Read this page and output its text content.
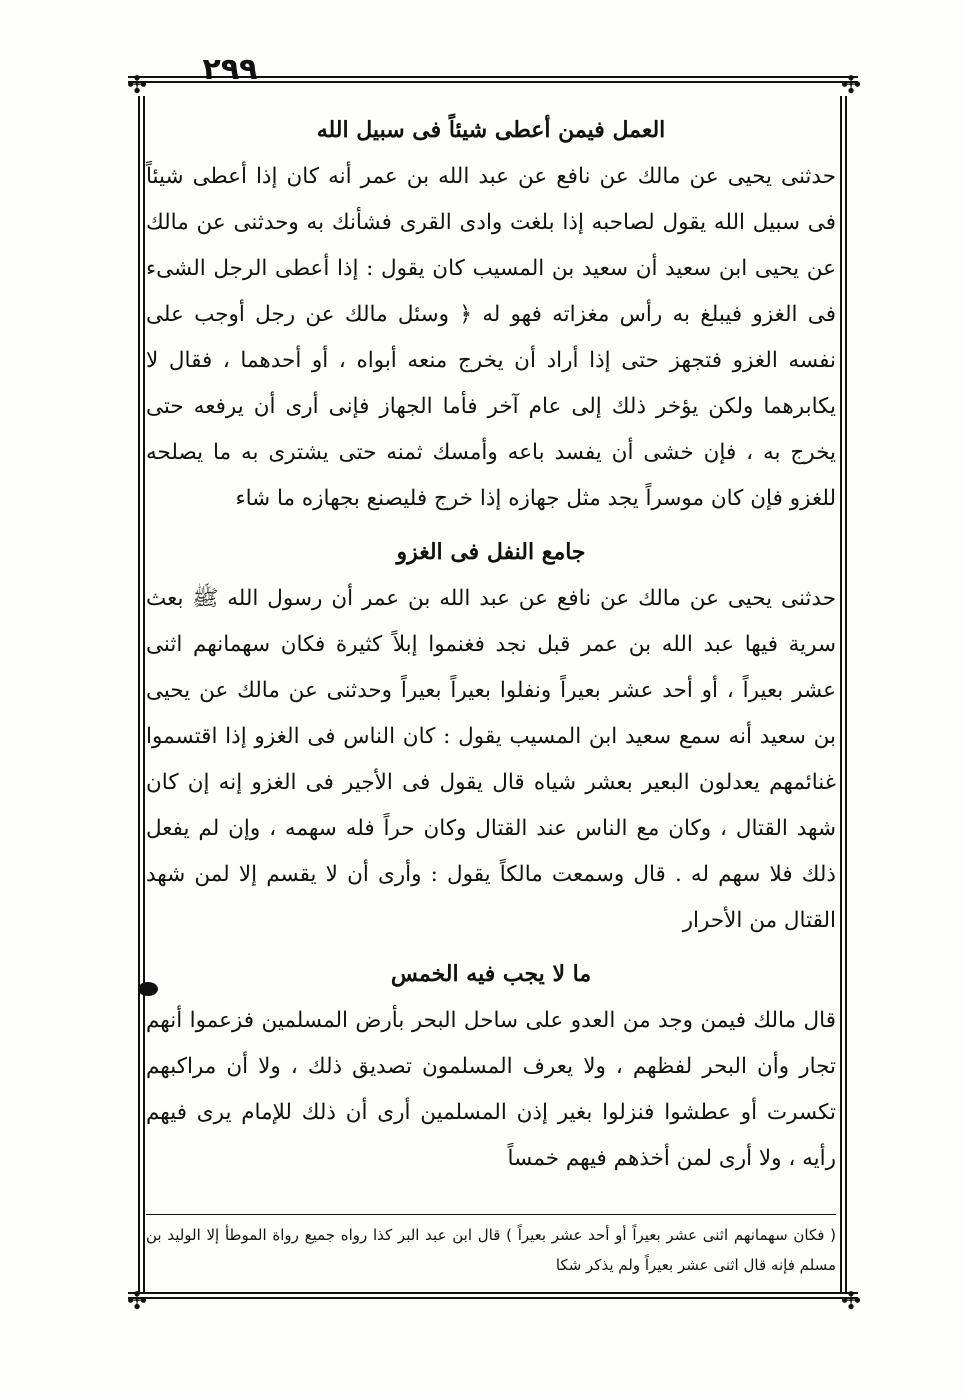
٢٩٩
✣	✣
✣	✣
العمل فيمن أعطى شيئاً فى سبيل الله

حدثنى يحيى عن مالك عن نافع عن عبد الله بن عمر أنه كان إذا أعطى شيئاً فى سبيل الله يقول لصاحبه إذا بلغت وادى القرى فشأنك به وحدثنى عن مالك عن يحيى ابن سعيد أن سعيد بن المسيب كان يقول : إذا أعطى الرجل الشىء فى الغزو فيبلغ به رأس مغزاته فهو له ﴿ وسئل مالك عن رجل أوجب على نفسه الغزو فتجهز حتى إذا أراد أن يخرج منعه أبواه ، أو أحدهما ، فقال لا يكابرهما ولكن يؤخر ذلك إلى عام آخر فأما الجهاز فإنى أرى أن يرفعه حتى يخرج به ، فإن خشى أن يفسد باعه وأمسك ثمنه حتى يشترى به ما يصلحه للغزو فإن كان موسراً يجد مثل جهازه إذا خرج فليصنع بجهازه ما شاء

جامع النفل فى الغزو

حدثنى يحيى عن مالك عن نافع عن عبد الله بن عمر أن رسول الله ﷺ بعث سرية فيها عبد الله بن عمر قبل نجد فغنموا إبلاً كثيرة فكان سهمانهم اثنى عشر بعيراً ، أو أحد عشر بعيراً ونفلوا بعيراً بعيراً وحدثنى عن مالك عن يحيى بن سعيد أنه سمع سعيد ابن المسيب يقول : كان الناس فى الغزو إذا اقتسموا غنائمهم يعدلون البعير بعشر شياه قال يقول فى الأجير فى الغزو إنه إن كان شهد القتال ، وكان مع الناس عند القتال وكان حراً فله سهمه ، وإن لم يفعل ذلك فلا سهم له . قال وسمعت مالكاً يقول : وأرى أن لا يقسم إلا لمن شهد القتال من الأحرار

ما لا يجب فيه الخمس

قال مالك فيمن وجد من العدو على ساحل البحر بأرض المسلمين فزعموا أنهم تجار وأن البحر لفظهم ، ولا يعرف المسلمون تصديق ذلك ، ولا أن مراكبهم تكسرت أو عطشوا فنزلوا بغير إذن المسلمين أرى أن ذلك للإمام يرى فيهم رأيه ، ولا أرى لمن أخذهم فيهم خمساً

( فكان سهمانهم اثنى عشر بعيراً أو أحد عشر بعيراً ) قال ابن عبد البر كذا رواه جميع رواة الموطأ إلا الوليد بن مسلم فإنه قال اثنى عشر بعيراً ولم يذكر شكا
